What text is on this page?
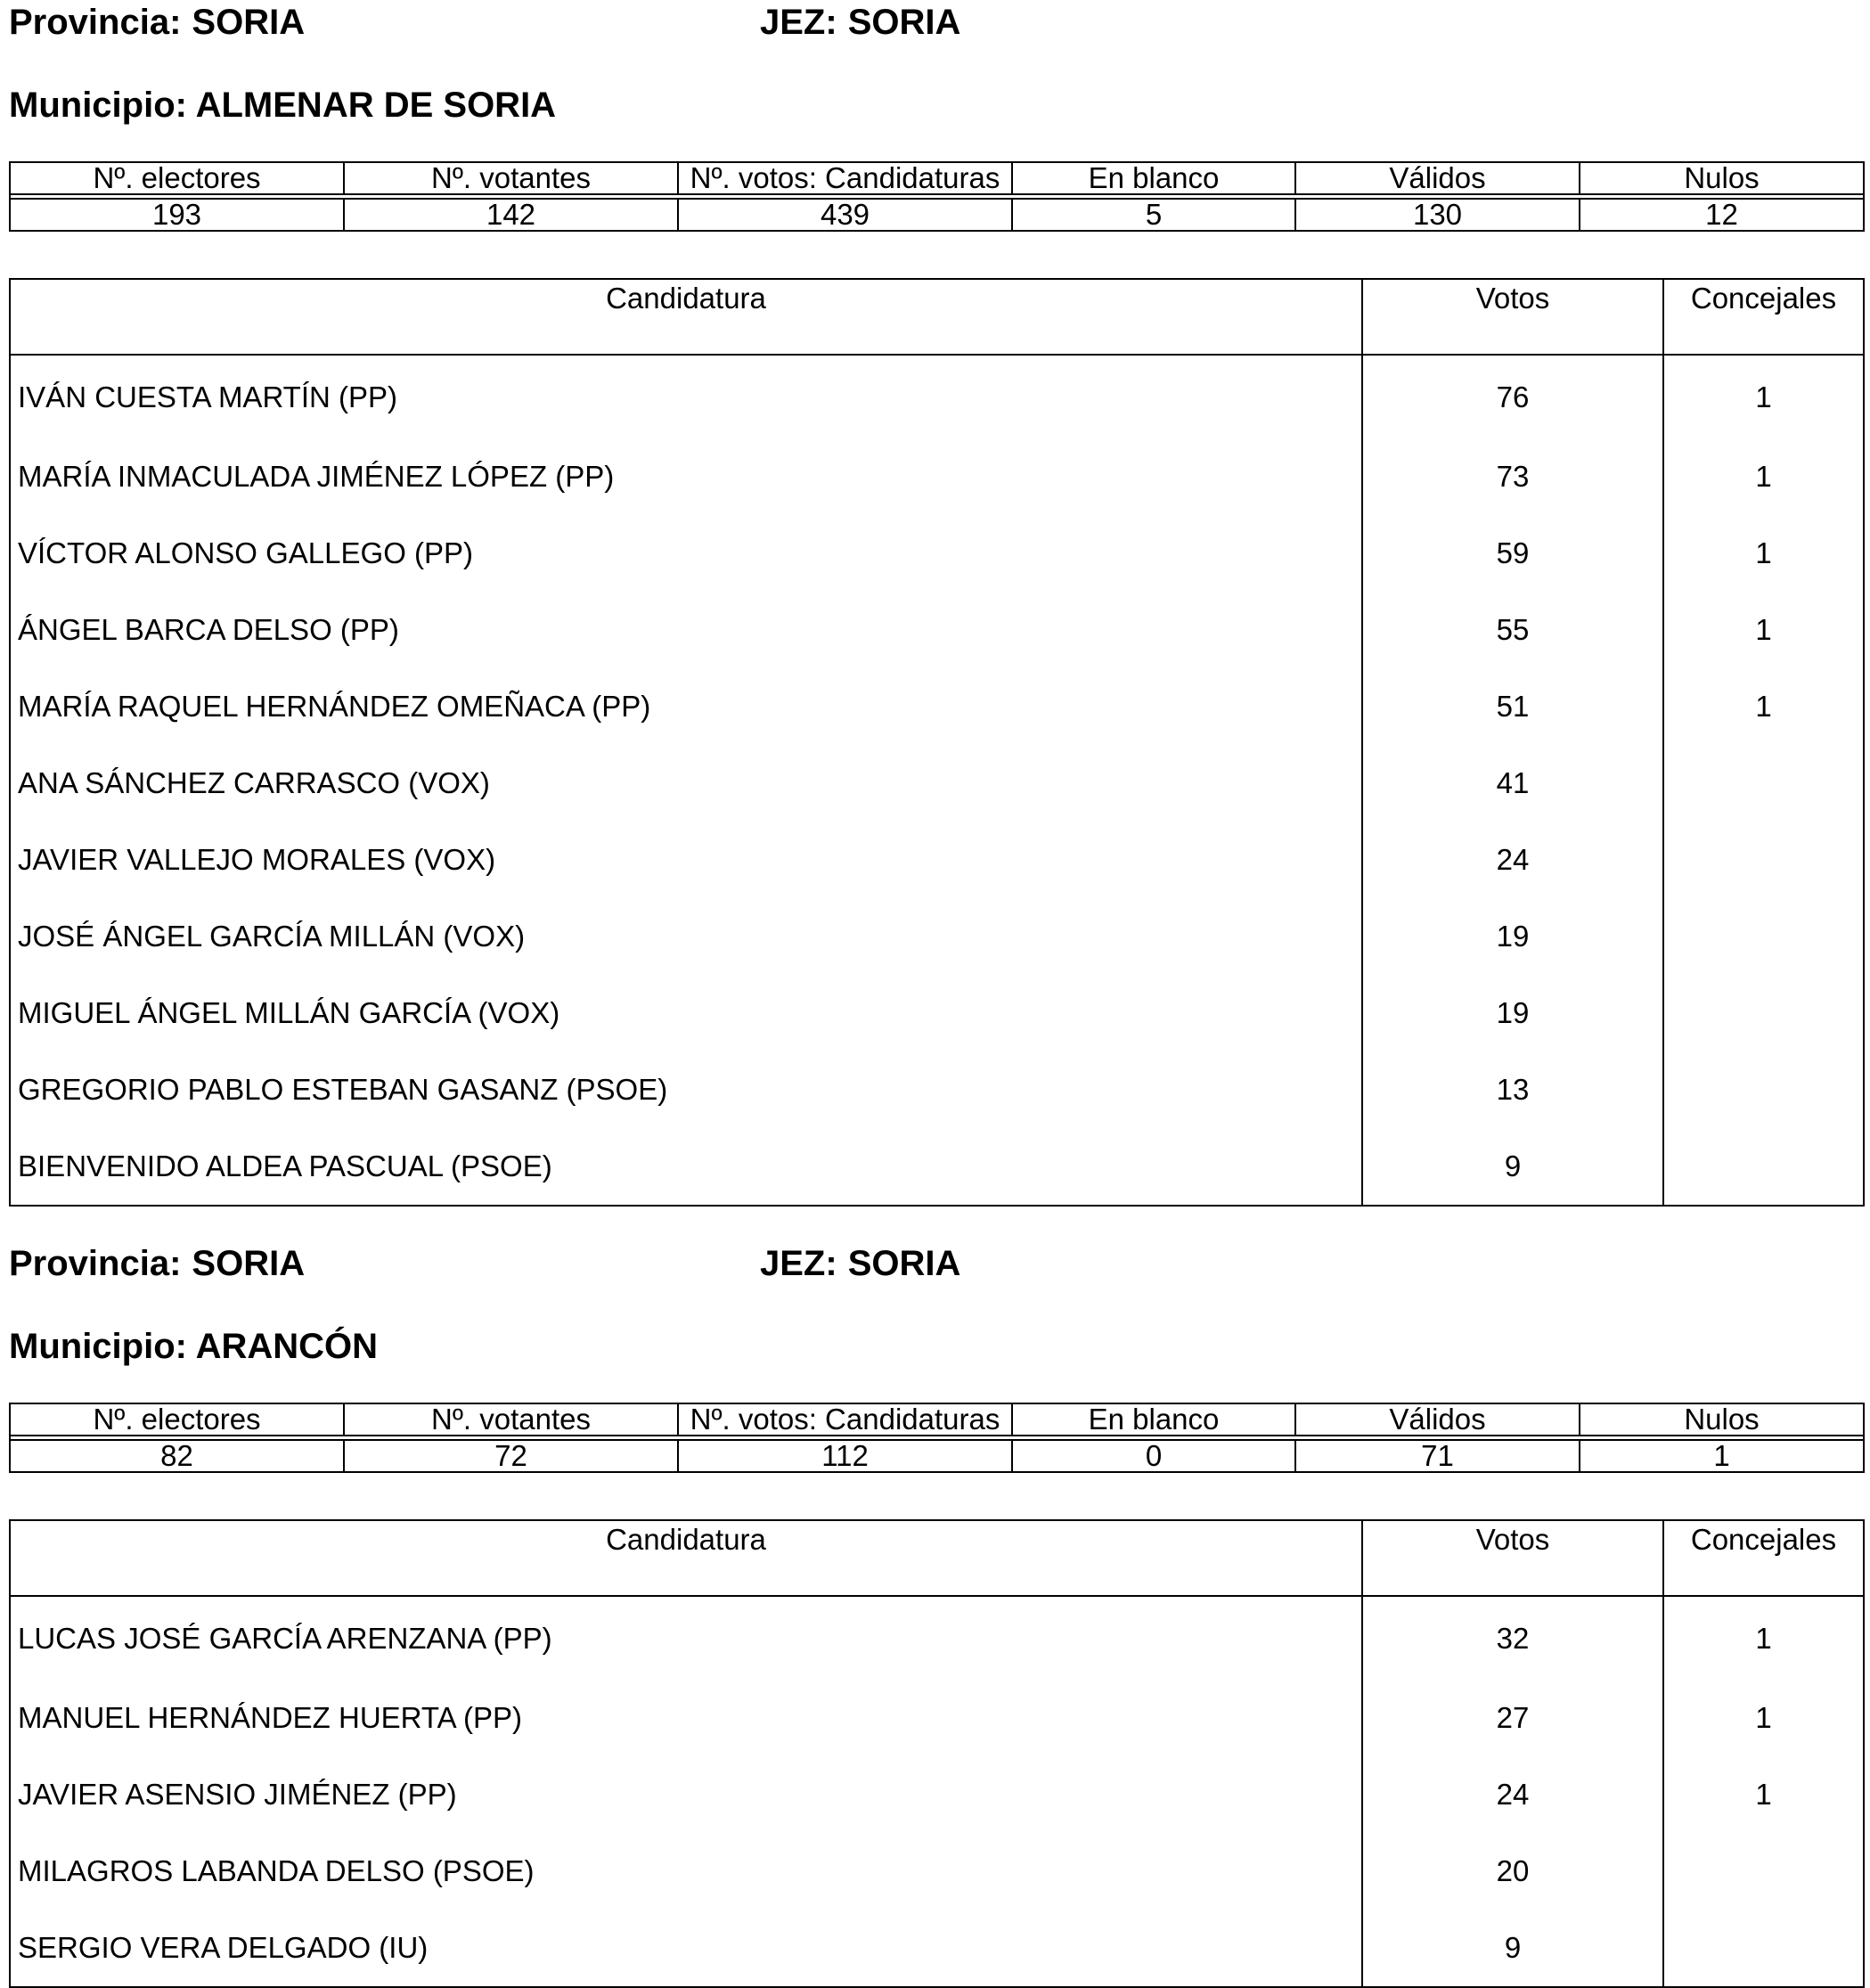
Provincia: SORIA	JEZ: SORIA
Municipio: ALMENAR DE SORIA
Nº. electores	Nº. votantes	Nº. votos: Candidaturas	En blanco	Válidos	Nulos

193	142	439	5	130	12
Candidatura	Votos	Concejales
IVÁN CUESTA MARTÍN (PP)	76	1
MARÍA INMACULADA JIMÉNEZ LÓPEZ (PP)	73	1
VÍCTOR ALONSO GALLEGO (PP)	59	1
ÁNGEL BARCA DELSO (PP)	55	1
MARÍA RAQUEL HERNÁNDEZ OMEÑACA (PP)	51	1
ANA SÁNCHEZ CARRASCO (VOX)	41	
JAVIER VALLEJO MORALES (VOX)	24	
JOSÉ ÁNGEL GARCÍA MILLÁN (VOX)	19	
MIGUEL ÁNGEL MILLÁN GARCÍA (VOX)	19	
GREGORIO PABLO ESTEBAN GASANZ (PSOE)	13	
BIENVENIDO ALDEA PASCUAL (PSOE)	9	
Provincia: SORIA	JEZ: SORIA
Municipio: ARANCÓN
Nº. electores	Nº. votantes	Nº. votos: Candidaturas	En blanco	Válidos	Nulos

82	72	112	0	71	1
Candidatura	Votos	Concejales
LUCAS JOSÉ GARCÍA ARENZANA (PP)	32	1
MANUEL HERNÁNDEZ HUERTA (PP)	27	1
JAVIER ASENSIO JIMÉNEZ (PP)	24	1
MILAGROS LABANDA DELSO (PSOE)	20	
SERGIO VERA DELGADO (IU)	9	
